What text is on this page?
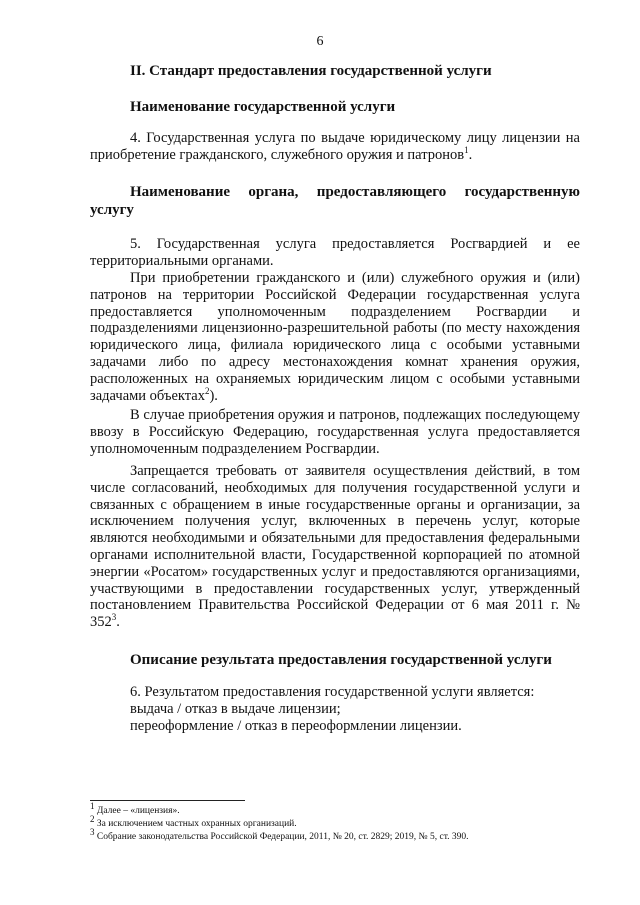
6
II. Стандарт предоставления государственной услуги
Наименование государственной услуги

4. Государственная услуга по выдаче юридическому лицу лицензии на приобретение гражданского, служебного оружия и патронов$^1$.

Наименование органа, предоставляющего государственную услугу

5. Государственная услуга предоставляется Росгвардией и ее территориальными органами.

При приобретении гражданского и (или) служебного оружия и (или) патронов на территории Российской Федерации государственная услуга предоставляется уполномоченным подразделением Росгвардии и подразделениями лицензионно-разрешительной работы (по месту нахождения юридического лица, филиала юридического лица с особыми уставными задачами либо по адресу местонахождения комнат хранения оружия, расположенных на охраняемых юридическим лицом с особыми уставными задачами объектах$^2$).

В случае приобретения оружия и патронов, подлежащих последующему ввозу в Российскую Федерацию, государственная услуга предоставляется уполномоченным подразделением Росгвардии.

Запрещается требовать от заявителя осуществления действий, в том числе согласований, необходимых для получения государственной услуги и связанных с обращением в иные государственные органы и организации, за исключением получения услуг, включенных в перечень услуг, которые являются необходимыми и обязательными для предоставления федеральными органами исполнительной власти, Государственной корпорацией по атомной энергии «Росатом» государственных услуг и предоставляются организациями, участвующими в предоставлении государственных услуг, утвержденный постановлением Правительства Российской Федерации от 6 мая 2011 г. № $352^3$.

Описание результата предоставления государственной услуги

6. Результатом предоставления государственной услуги является:

выдача / отказ в выдаче лицензии;

переоформление / отказ в переоформлении лицензии.

$^1$ Далее – «лицензия».
$^2$ За исключением частных охранных организаций.
$^3$ Собрание законодательства Российской Федерации, 2011, № 20, ст. 2829; 2019, № 5, ст. 390.
